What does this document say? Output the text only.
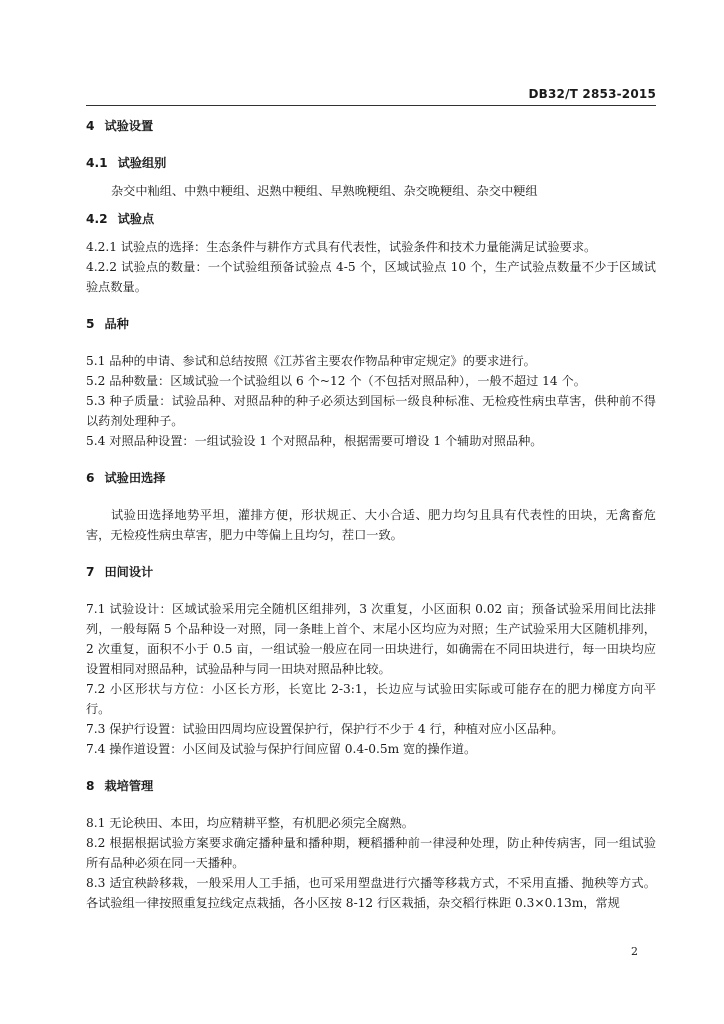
DB32/T 2853-2015
4 试验设置
4.1 试验组别

杂交中籼组、中熟中粳组、迟熟中粳组、早熟晚粳组、杂交晚粳组、杂交中粳组

4.2 试验点

4.2.1 试验点的选择：生态条件与耕作方式具有代表性，试验条件和技术力量能满足试验要求。

4.2.2 试验点的数量：一个试验组预备试验点 4-5 个，区域试验点 10 个，生产试验点数量不少于区域试验点数量。

5 品种

5.1 品种的申请、参试和总结按照《江苏省主要农作物品种审定规定》的要求进行。

5.2 品种数量：区域试验一个试验组以 6 个~12 个（不包括对照品种），一般不超过 14 个。

5.3 种子质量：试验品种、对照品种的种子必须达到国标一级良种标准、无检疫性病虫草害，供种前不得以药剂处理种子。

5.4 对照品种设置：一组试验设 1 个对照品种，根据需要可增设 1 个辅助对照品种。

6 试验田选择

试验田选择地势平坦，灌排方便，形状规正、大小合适、肥力均匀且具有代表性的田块，无禽畜危害，无检疫性病虫草害，肥力中等偏上且均匀，茬口一致。

7 田间设计

7.1 试验设计：区域试验采用完全随机区组排列，3 次重复，小区面积 0.02 亩；预备试验采用间比法排列，一般每隔 5 个品种设一对照，同一条畦上首个、末尾小区均应为对照；生产试验采用大区随机排列，2 次重复，面积不小于 0.5 亩，一组试验一般应在同一田块进行，如确需在不同田块进行，每一田块均应设置相同对照品种，试验品种与同一田块对照品种比较。

7.2 小区形状与方位：小区长方形，长宽比 2-3:1，长边应与试验田实际或可能存在的肥力梯度方向平行。

7.3 保护行设置：试验田四周均应设置保护行，保护行不少于 4 行，种植对应小区品种。

7.4 操作道设置：小区间及试验与保护行间应留 0.4-0.5m 宽的操作道。

8 栽培管理

8.1 无论秧田、本田，均应精耕平整，有机肥必须完全腐熟。

8.2 根据根据试验方案要求确定播种量和播种期，粳稻播种前一律浸种处理，防止种传病害，同一组试验所有品种必须在同一天播种。

8.3 适宜秧龄移栽，一般采用人工手插，也可采用塑盘进行穴播等移栽方式，不采用直播、抛秧等方式。各试验组一律按照重复拉线定点栽插，各小区按 8-12 行区栽插，杂交稻行株距 0.3×0.13m，常规

2
